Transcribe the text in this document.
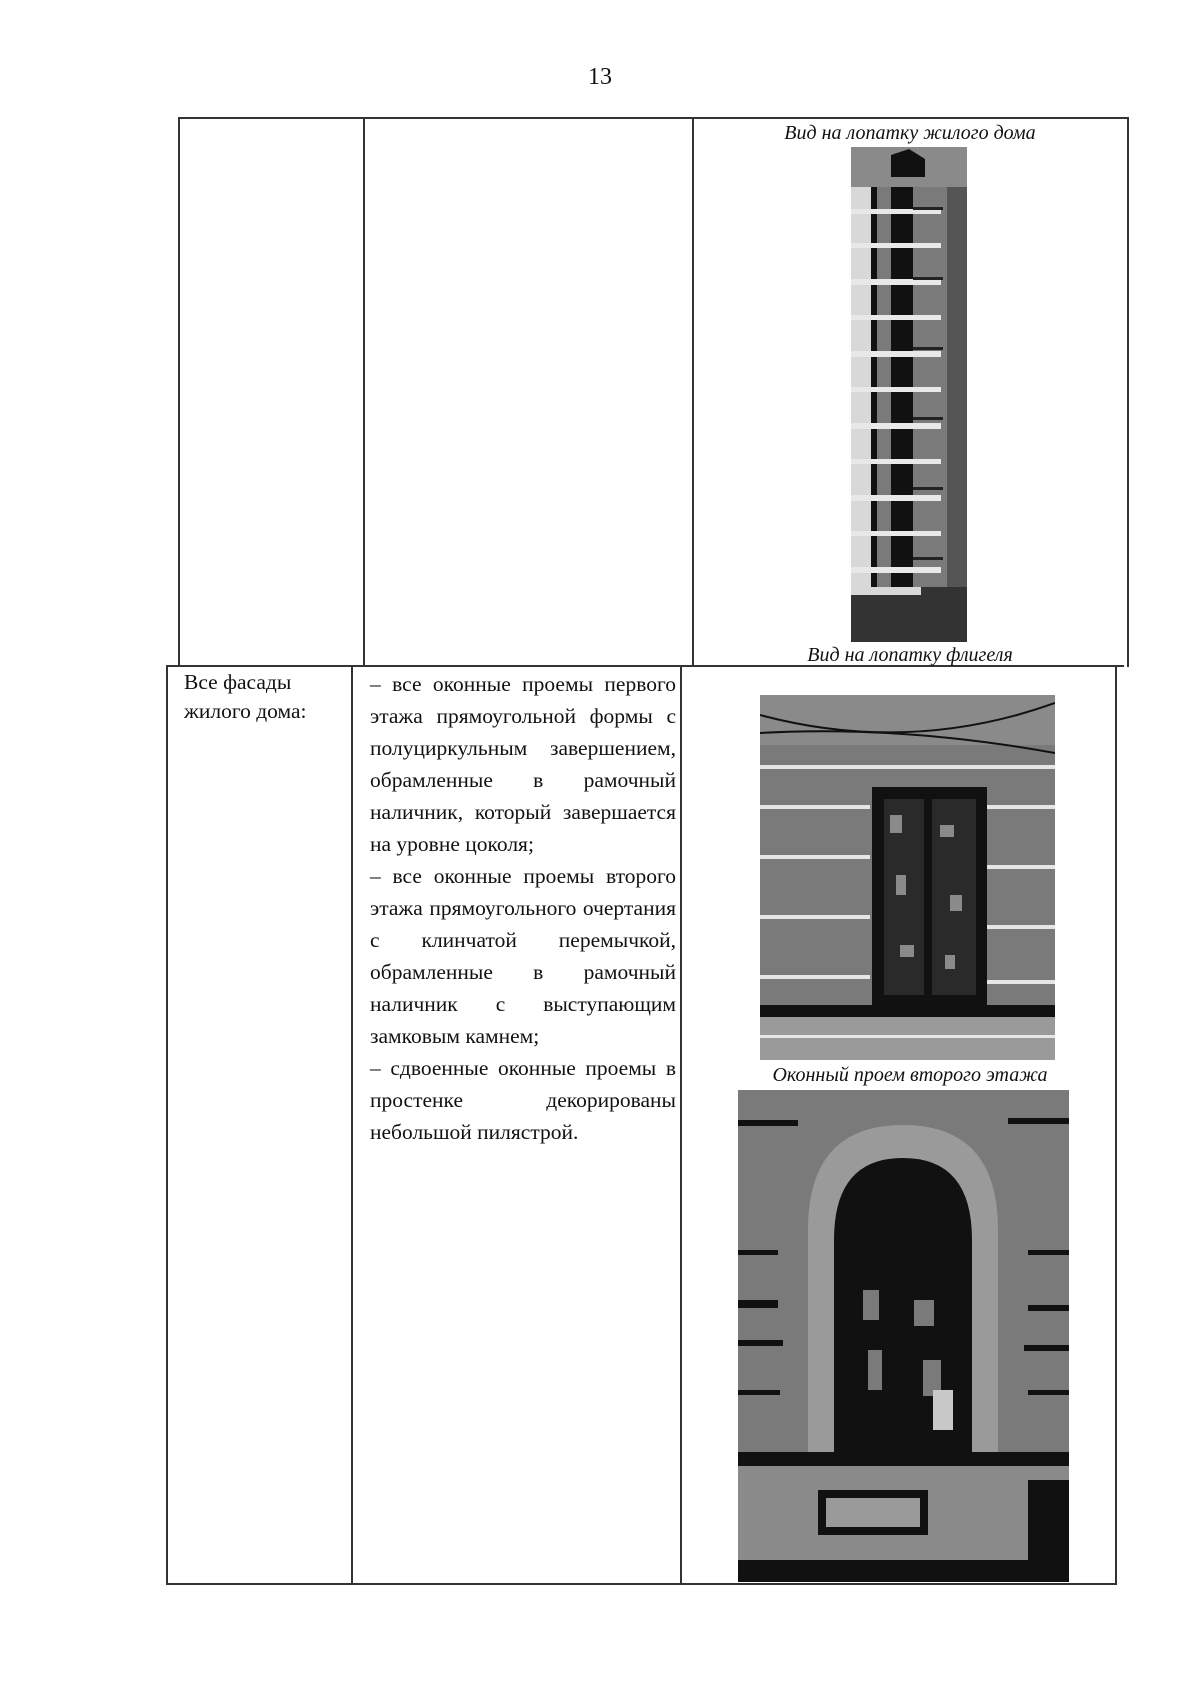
13
Вид на лопатку жилого дома
Вид на лопатку флигеля
Все фасады жилого дома:

– все оконные проемы первого этажа прямоугольной формы с полуциркульным завершением, обрамленные в рамочный наличник, который завершается на уровне цоколя;

– все оконные проемы второго этажа прямоугольного очертания с клинчатой перемычкой, обрамленные в рамочный наличник с выступающим замковым камнем;

– сдвоенные оконные проемы в простенке декорированы небольшой пилястрой.

Оконный проем второго этажа
